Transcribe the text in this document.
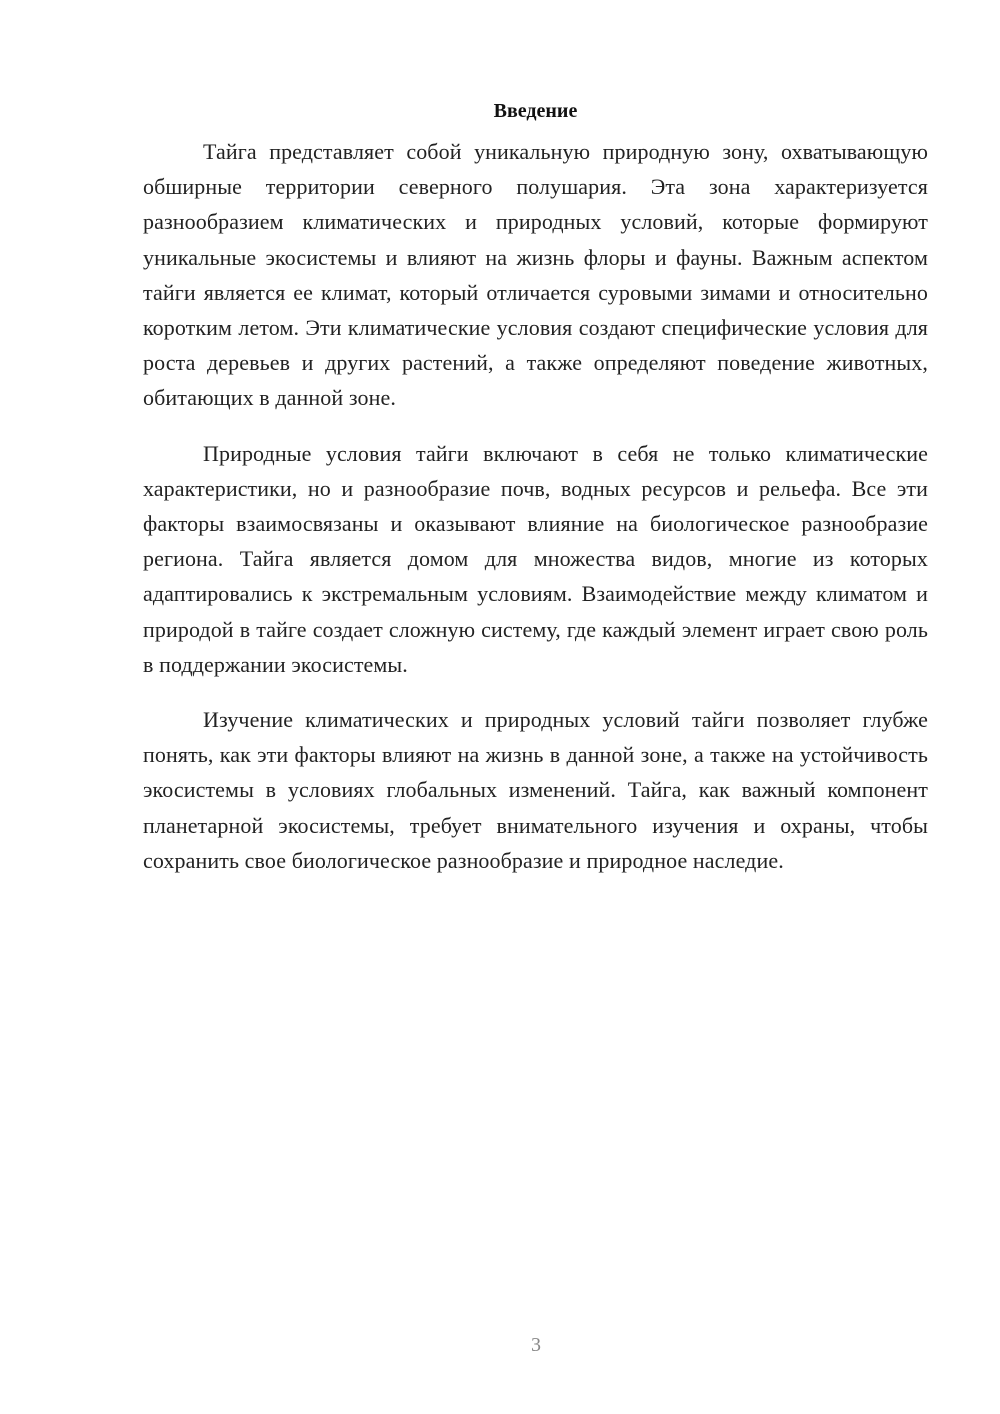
Введение

Тайга представляет собой уникальную природную зону, охватывающую обширные территории северного полушария. Эта зона характеризуется разнообразием климатических и природных условий, которые формируют уникальные экосистемы и влияют на жизнь флоры и фауны. Важным аспектом тайги является ее климат, который отличается суровыми зимами и относительно коротким летом. Эти климатические условия создают специфические условия для роста деревьев и других растений, а также определяют поведение животных, обитающих в данной зоне.

Природные условия тайги включают в себя не только климатические характеристики, но и разнообразие почв, водных ресурсов и рельефа. Все эти факторы взаимосвязаны и оказывают влияние на биологическое разнообразие региона. Тайга является домом для множества видов, многие из которых адаптировались к экстремальным условиям. Взаимодействие между климатом и природой в тайге создает сложную систему, где каждый элемент играет свою роль в поддержании экосистемы.

Изучение климатических и природных условий тайги позволяет глубже понять, как эти факторы влияют на жизнь в данной зоне, а также на устойчивость экосистемы в условиях глобальных изменений. Тайга, как важный компонент планетарной экосистемы, требует внимательного изучения и охраны, чтобы сохранить свое биологическое разнообразие и природное наследие.

3
